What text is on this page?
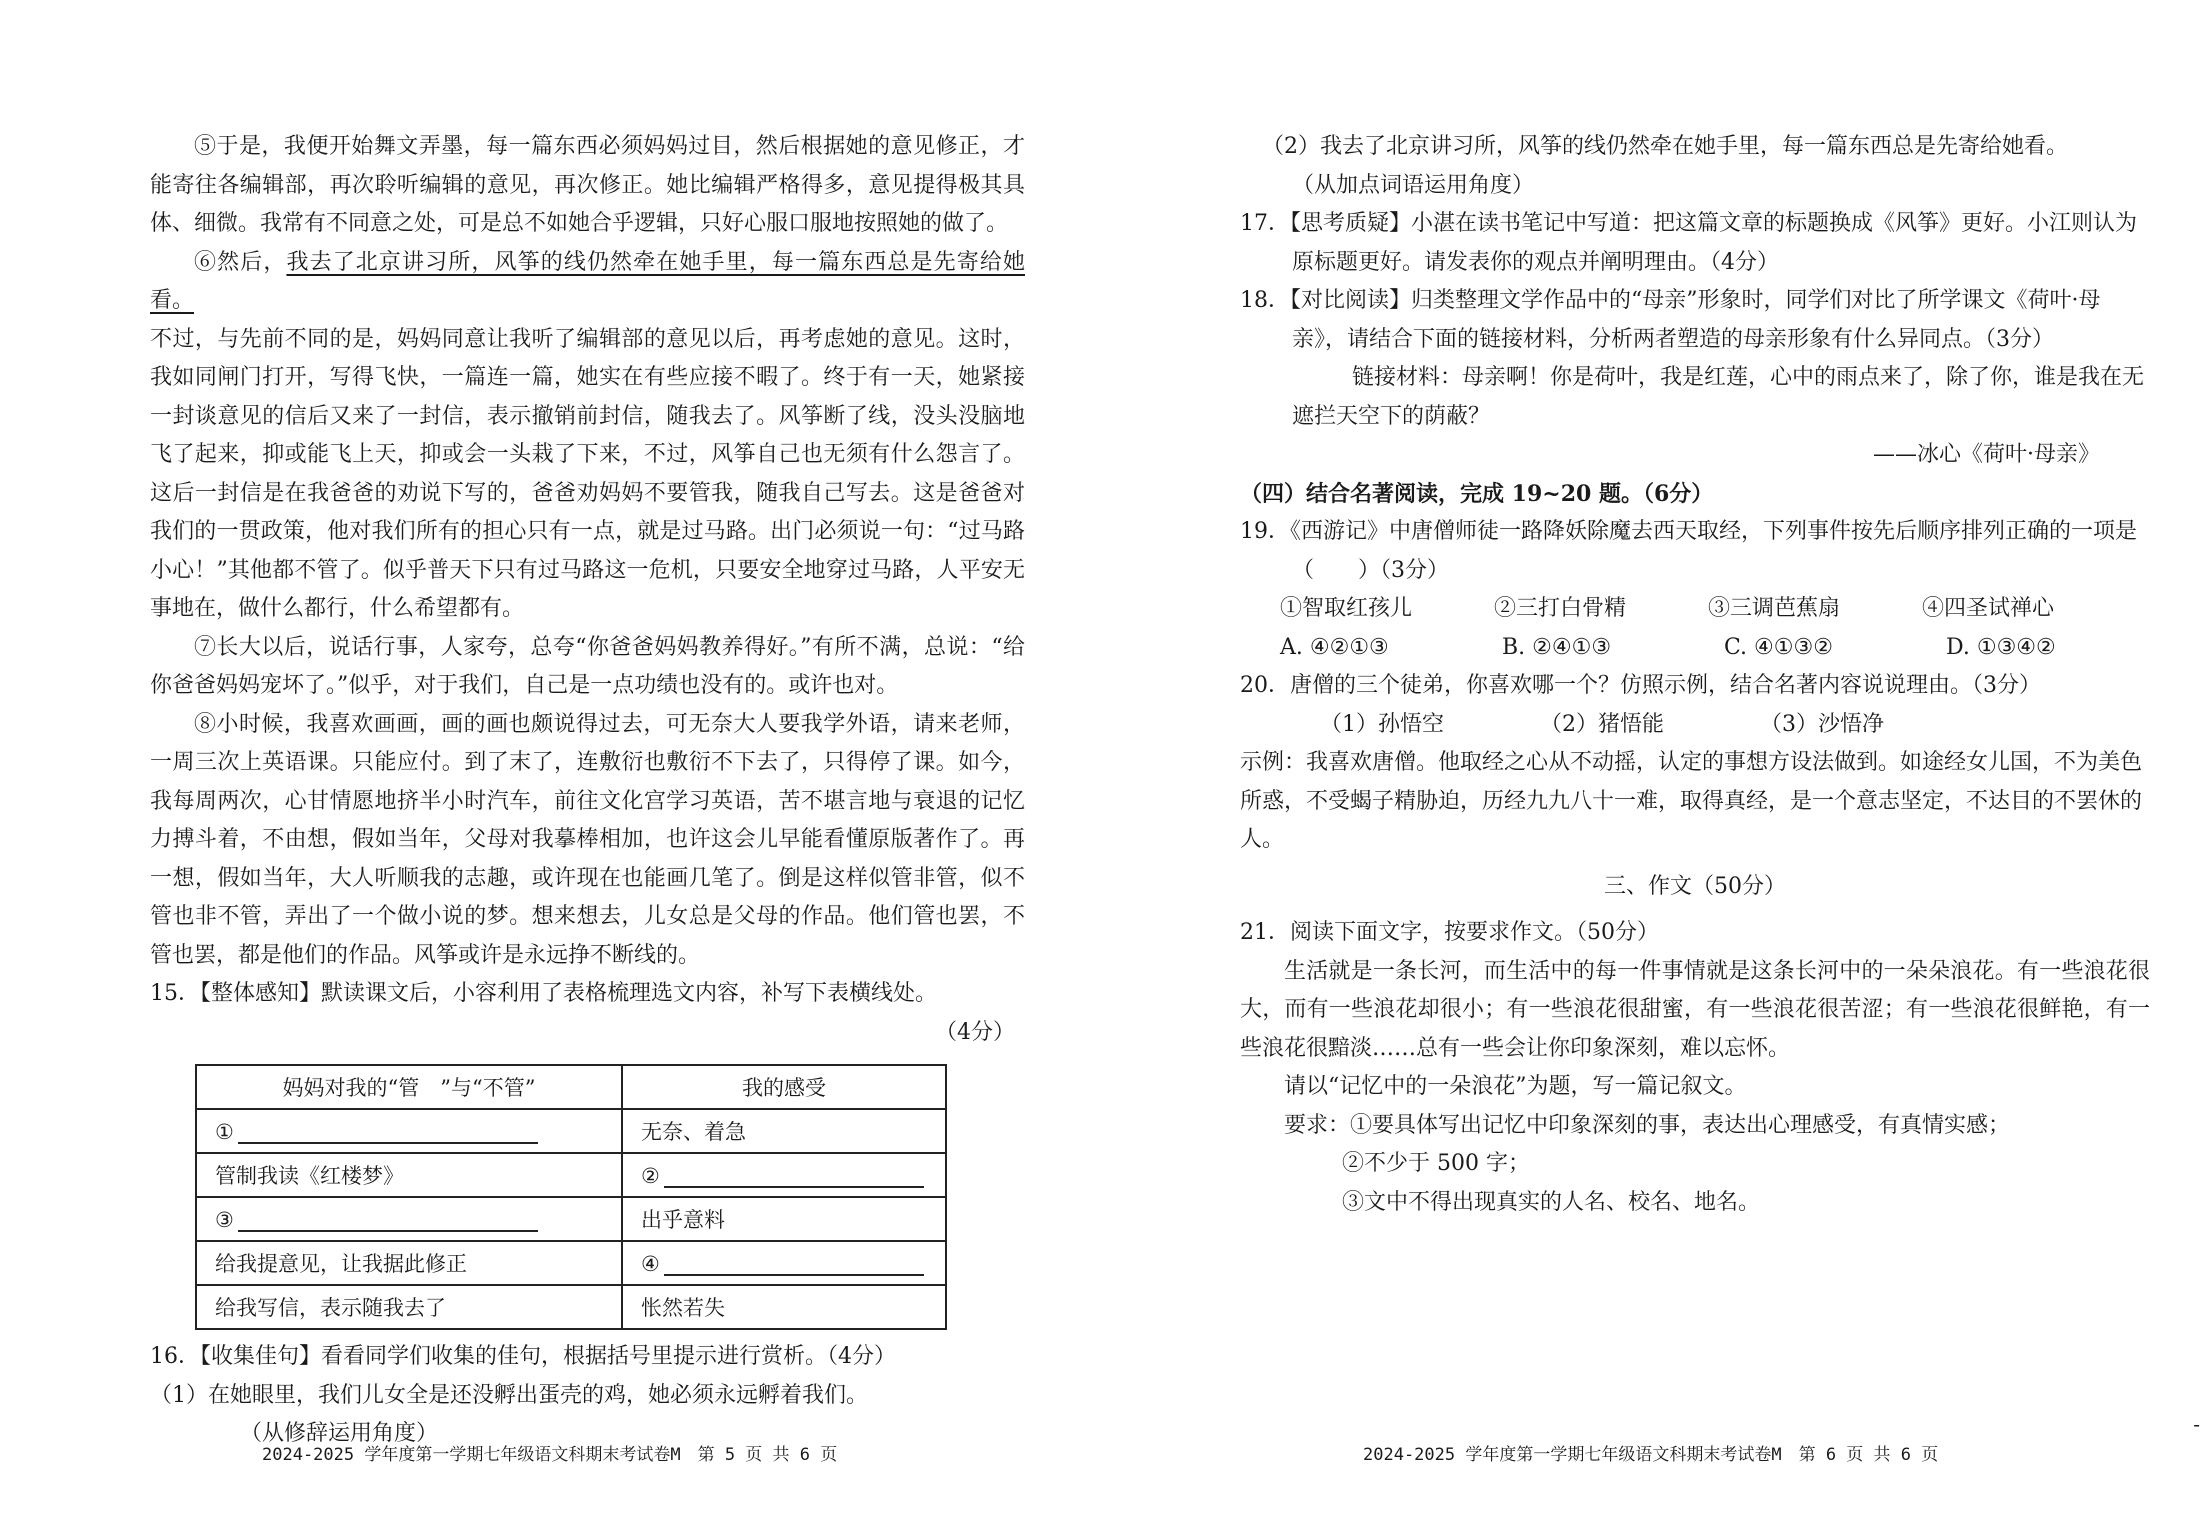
⑤于是，我便开始舞文弄墨，每一篇东西必须妈妈过目，然后根据她的意见修正，才能寄往各编辑部，再次聆听编辑的意见，再次修正。她比编辑严格得多，意见提得极其具体、细微。我常有不同意之处，可是总不如她合乎逻辑，只好心服口服地按照她的做了。

⑥然后，我去了北京讲习所，风筝的线仍然牵在她手里，每一篇东西总是先寄给她看。

不过，与先前不同的是，妈妈同意让我听了编辑部的意见以后，再考虑她的意见。这时，我如同闸门打开，写得飞快，一篇连一篇，她实在有些应接不暇了。终于有一天，她紧接一封谈意见的信后又来了一封信，表示撤销前封信，随我去了。风筝断了线，没头没脑地飞了起来，抑或能飞上天，抑或会一头栽了下来，不过，风筝自己也无须有什么怨言了。这后一封信是在我爸爸的劝说下写的，爸爸劝妈妈不要管我，随我自己写去。这是爸爸对我们的一贯政策，他对我们所有的担心只有一点，就是过马路。出门必须说一句：“过马路小心！”其他都不管了。似乎普天下只有过马路这一危机，只要安全地穿过马路，人平安无事地在，做什么都行，什么希望都有。

⑦长大以后，说话行事，人家夸，总夸“你爸爸妈妈教养得好。”有所不满，总说：“给你爸爸妈妈宠坏了。”似乎，对于我们，自己是一点功绩也没有的。或许也对。

⑧小时候，我喜欢画画，画的画也颇说得过去，可无奈大人要我学外语，请来老师，一周三次上英语课。只能应付。到了末了，连敷衍也敷衍不下去了，只得停了课。如今，我每周两次，心甘情愿地挤半小时汽车，前往文化宫学习英语，苦不堪言地与衰退的记忆力搏斗着，不由想，假如当年，父母对我摹棒相加，也许这会儿早能看懂原版著作了。再一想，假如当年，大人听顺我的志趣，或许现在也能画几笔了。倒是这样似管非管，似不管也非不管，弄出了一个做小说的梦。想来想去，儿女总是父母的作品。他们管也罢，不管也罢，都是他们的作品。风筝或许是永远挣不断线的。

15．【整体感知】默读课文后，小容利用了表格梳理选文内容，补写下表横线处。

（4分）

妈妈对我的“管　”与“不管”	我的感受
①	无奈、着急
管制我读《红楼梦》	②
③	出乎意料
给我提意见，让我据此修正	④
给我写信，表示随我去了	怅然若失

16．【收集佳句】看看同学们收集的佳句，根据括号里提示进行赏析。（4分）

（1）在她眼里，我们儿女全是还没孵出蛋壳的鸡，她必须永远孵着我们。

（从修辞运用角度）

2024-2025 学年度第一学期七年级语文科期末考试卷M　第 5 页 共 6 页

（2）我去了北京讲习所，风筝的线仍然牵在她手里，每一篇东西总是先寄给她看。

（从加点词语运用角度）

17．【思考质疑】小湛在读书笔记中写道：把这篇文章的标题换成《风筝》更好。小江则认为原标题更好。请发表你的观点并阐明理由。（4分）

18．【对比阅读】归类整理文学作品中的“母亲”形象时，同学们对比了所学课文《荷叶·母亲》，请结合下面的链接材料，分析两者塑造的母亲形象有什么异同点。（3分）

链接材料：母亲啊！你是荷叶，我是红莲，心中的雨点来了，除了你，谁是我在无遮拦天空下的荫蔽？

——冰心《荷叶·母亲》

（四）结合名著阅读，完成 19~20 题。（6分）

19．《西游记》中唐僧师徒一路降妖除魔去西天取经，下列事件按先后顺序排列正确的一项是（　　）（3分）

①智取红孩儿	②三打白骨精	③三调芭蕉扇	④四圣试禅心
A. ④②①③	B. ②④①③	C. ④①③②	D. ①③④②

20．唐僧的三个徒弟，你喜欢哪一个？仿照示例，结合名著内容说说理由。（3分）

（1）孙悟空	（2）猪悟能	（3）沙悟净

示例：我喜欢唐僧。他取经之心从不动摇，认定的事想方设法做到。如途经女儿国，不为美色所惑，不受蝎子精胁迫，历经九九八十一难，取得真经，是一个意志坚定，不达目的不罢休的人。

三、作文（50分）

21．阅读下面文字，按要求作文。（50分）

生活就是一条长河，而生活中的每一件事情就是这条长河中的一朵朵浪花。有一些浪花很大，而有一些浪花却很小；有一些浪花很甜蜜，有一些浪花很苦涩；有一些浪花很鲜艳，有一些浪花很黯淡……总有一些会让你印象深刻，难以忘怀。

请以“记忆中的一朵浪花”为题，写一篇记叙文。

要求：①要具体写出记忆中印象深刻的事，表达出心理感受，有真情实感；

②不少于 500 字；

③文中不得出现真实的人名、校名、地名。

2024-2025 学年度第一学期七年级语文科期末考试卷M　第 6 页 共 6 页
-
